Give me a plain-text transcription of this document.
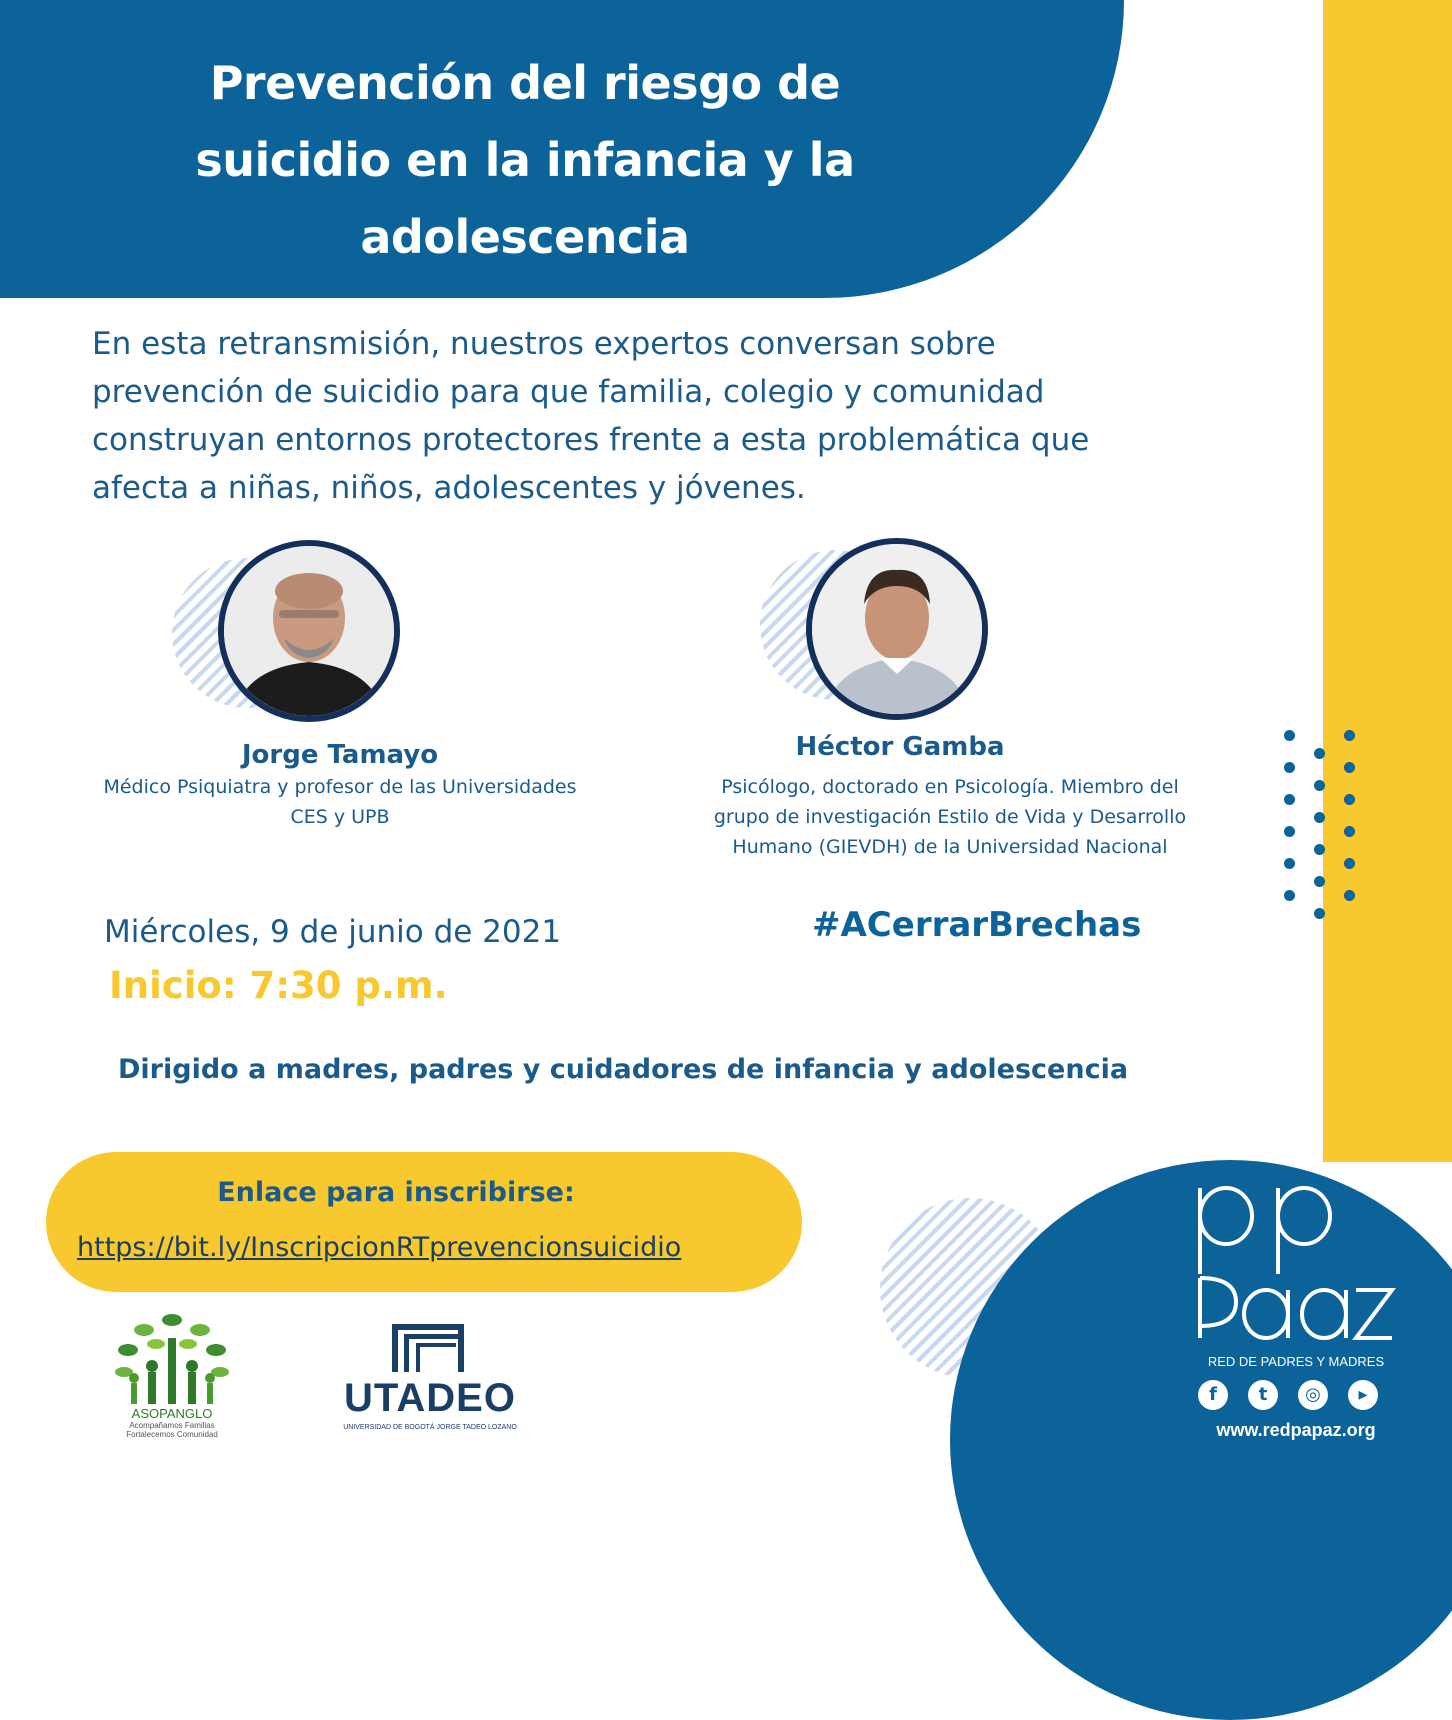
Prevención del riesgo de
suicidio en la infancia y la
adolescencia
En esta retransmisión, nuestros expertos conversan sobre
prevención de suicidio para que familia, colegio y comunidad
construyan entornos protectores frente a esta problemática que
afecta a niñas, niños, adolescentes y jóvenes.
Jorge Tamayo
Médico Psiquiatra y profesor de las Universidades
CES y UPB
Héctor Gamba
Psicólogo, doctorado en Psicología. Miembro del
grupo de investigación Estilo de Vida y Desarrollo
Humano (GIEVDH) de la Universidad Nacional
Miércoles, 9 de junio de 2021
Inicio: 7:30 p.m.
#ACerrarBrechas
Dirigido a madres, padres y cuidadores de infancia y adolescencia
Enlace para inscribirse:
https://bit.ly/InscripcionRTprevencionsuicidio
ASOPANGLO
Acompañamos Familias
Fortalecemos Comunidad
UTADEO
UNIVERSIDAD DE BOGOTÁ JORGE TADEO LOZANO
RED DE PADRES Y MADRES
f	t	◎	▸
www.redpapaz.org
